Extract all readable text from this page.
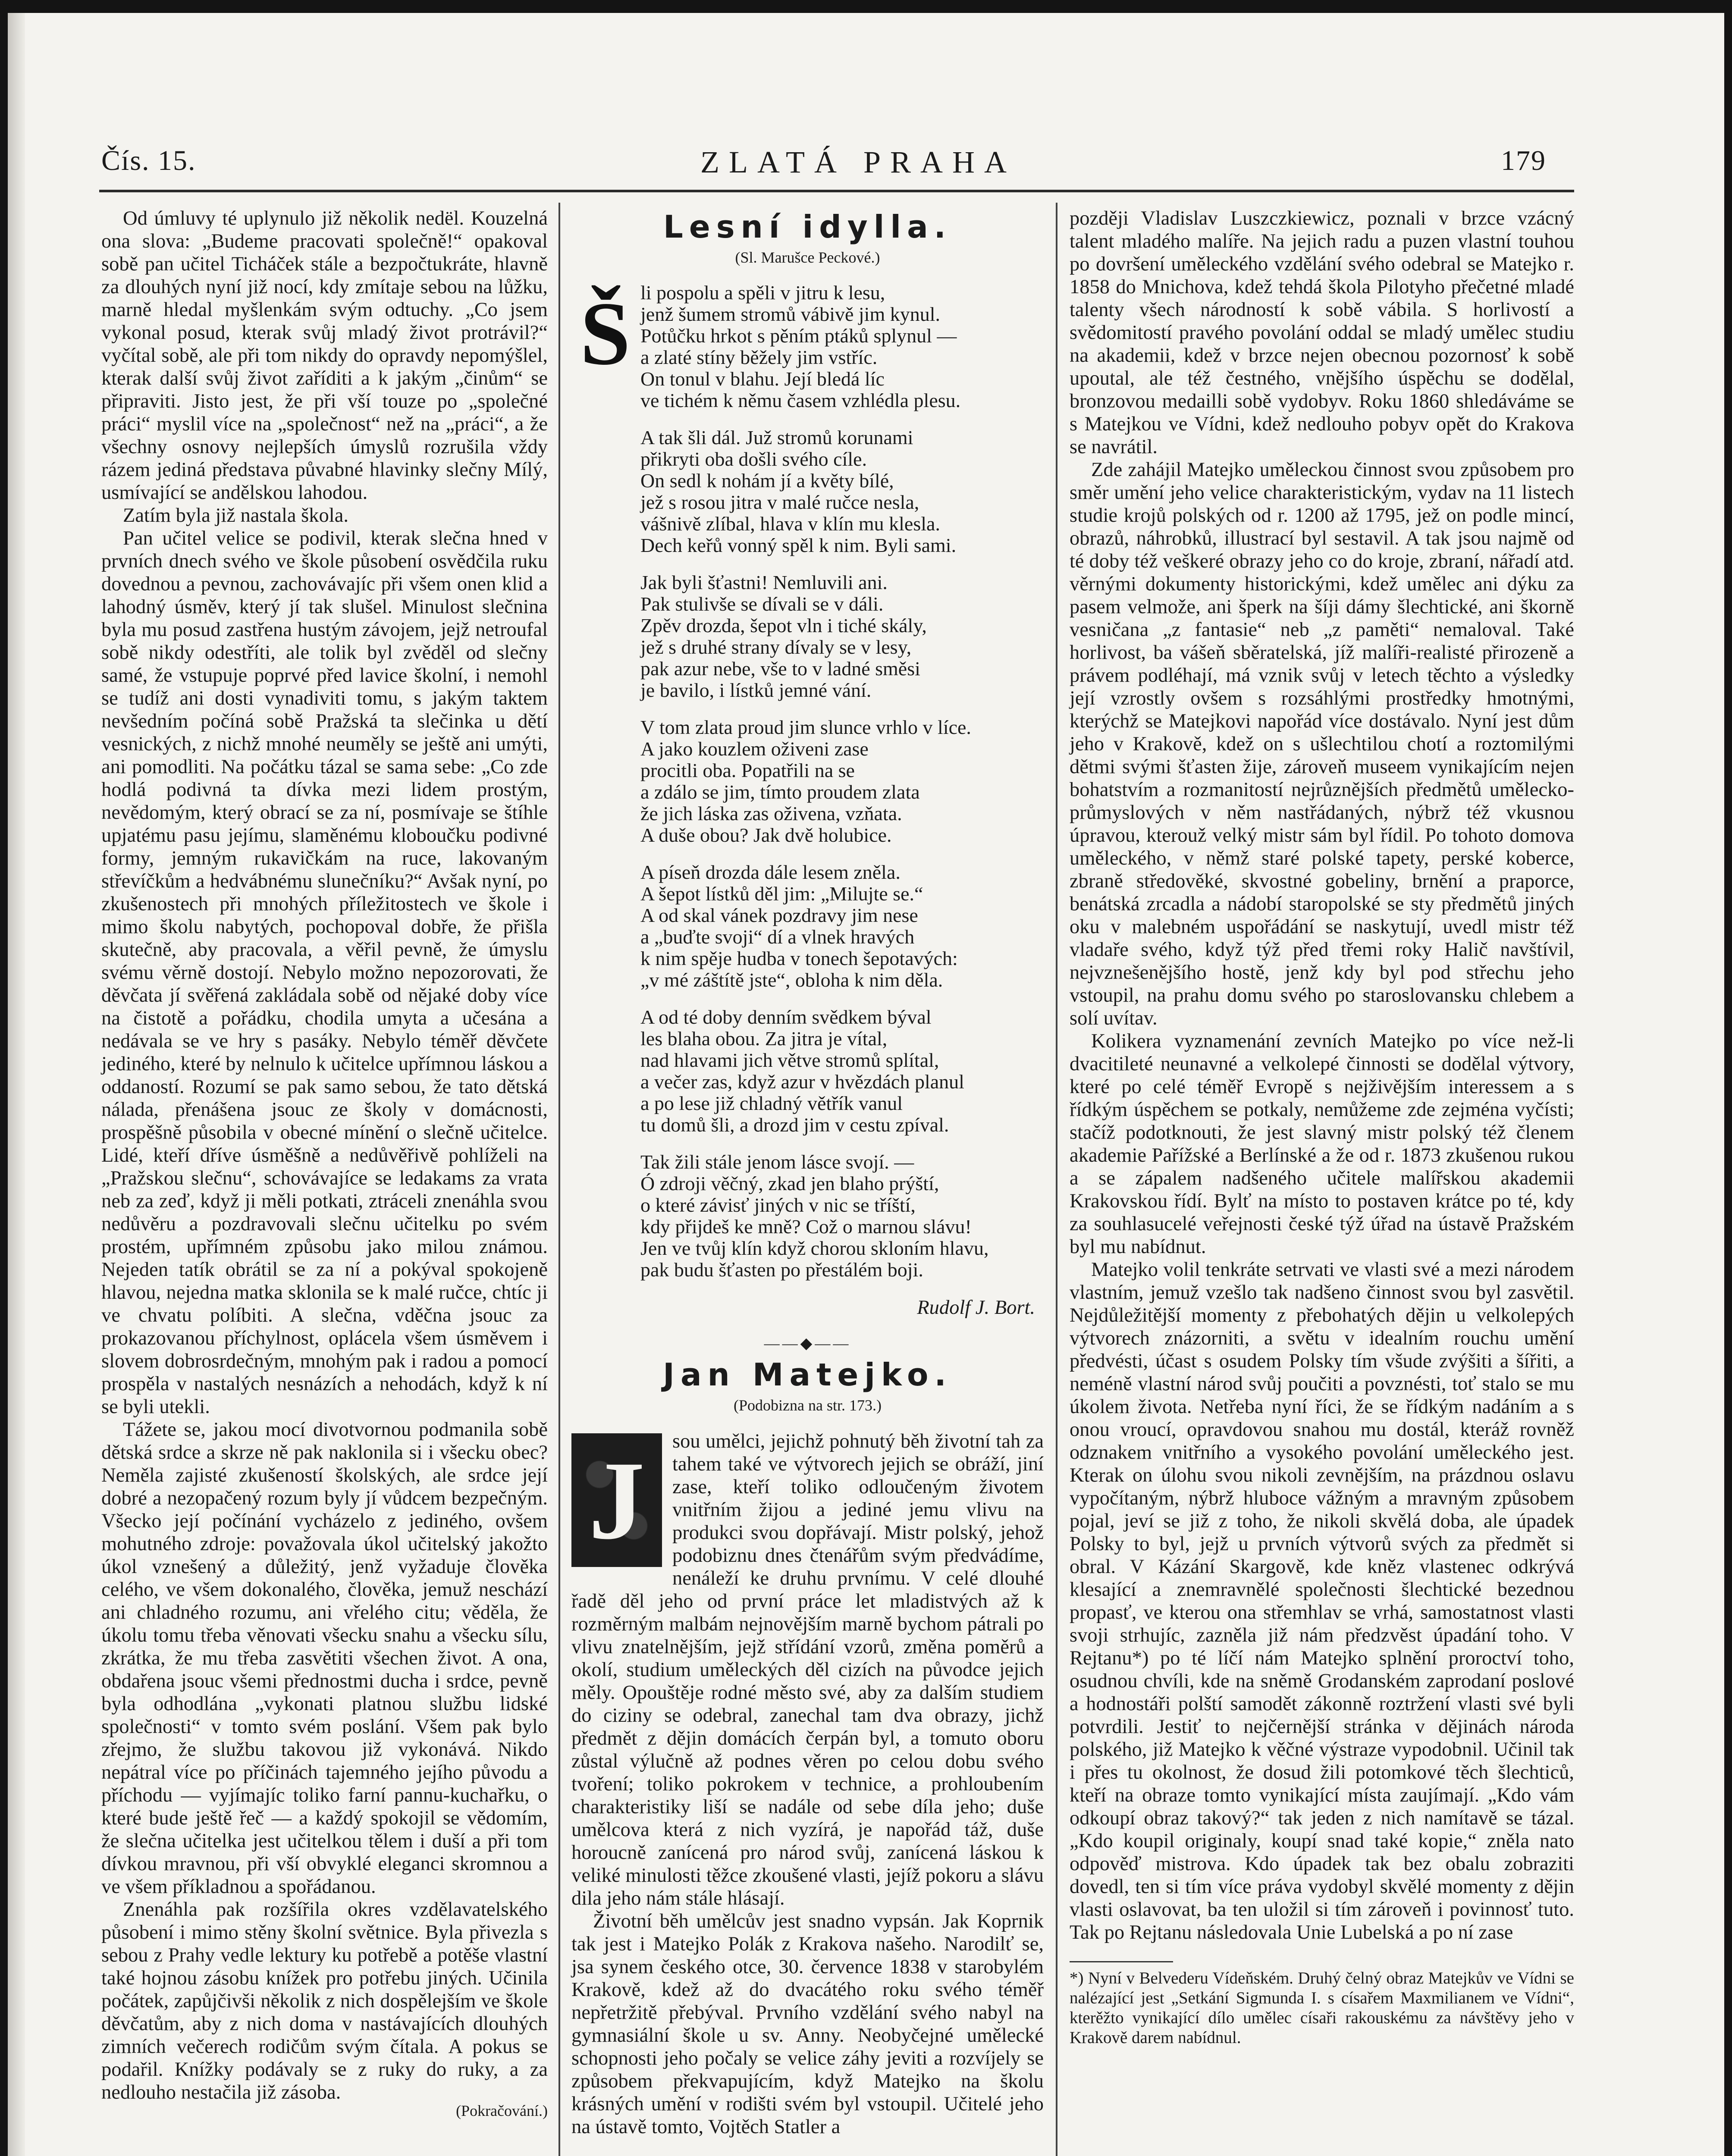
Čís. 15.	ZLATÁ PRAHA	179

Od úmluvy té uplynulo již několik nedël. Kouzelná ona slova: „Budeme pracovati společně!“ opakoval sobě pan učitel Ticháček stále a bezpočtukráte, hlavně za dlouhých nyní již nocí, kdy zmítaje sebou na lůžku, marně hledal myšlenkám svým odtuchy. „Co jsem vykonal posud, kterak svůj mladý život protrávil?“ vyčítal sobě, ale při tom nikdy do opravdy nepomýšlel, kterak další svůj život zaříditi a k jakým „činům“ se připraviti. Jisto jest, že při vší touze po „společné práci“ myslil více na „společnost“ než na „práci“, a že všechny osnovy nejlepších úmyslů rozrušila vždy rázem jediná představa půvabné hlavinky slečny Mílý, usmívající se andělskou lahodou.

Zatím byla již nastala škola.

Pan učitel velice se podivil, kterak slečna hned v prvních dnech svého ve škole působení osvědčila ruku dovednou a pevnou, zachovávajíc při všem onen klid a lahodný úsměv, který jí tak slušel. Minulost slečnina byla mu posud zastřena hustým závojem, jejž netroufal sobě nikdy odestříti, ale tolik byl zvěděl od slečny samé, že vstupuje poprvé před lavice školní, i nemohl se tudíž ani dosti vynadiviti tomu, s jakým taktem nevšedním počíná sobě Pražská ta slečinka u dětí vesnických, z nichž mnohé neuměly se ještě ani umýti, ani pomodliti. Na počátku tázal se sama sebe: „Co zde hodlá podivná ta dívka mezi lidem prostým, nevědomým, který obrací se za ní, posmívaje se štíhle upjatému pasu jejímu, slaměnému kloboučku podivné formy, jemným rukavičkám na ruce, lakovaným střevíčkům a hedvábnému slunečníku?“ Avšak nyní, po zkušenostech při mnohých příležitostech ve škole i mimo školu nabytých, pochopoval dobře, že přišla skutečně, aby pracovala, a věřil pevně, že úmyslu svému věrně dostojí. Nebylo možno nepozorovati, že děvčata jí svěřená zakládala sobě od nějaké doby více na čistotě a pořádku, chodila umyta a učesána a nedávala se ve hry s pasáky. Nebylo téměř děvčete jediného, které by nelnulo k učitelce upřímnou láskou a oddaností. Rozumí se pak samo sebou, že tato dětská nálada, přenášena jsouc ze školy v domácnosti, prospěšně působila v obecné mínění o slečně učitelce. Lidé, kteří dříve úsměšně a nedůvěřivě pohlíželi na „Pražskou slečnu“, schovávajíce se ledakams za vrata neb za zeď, když ji měli potkati, ztráceli znenáhla svou nedůvěru a pozdravovali slečnu učitelku po svém prostém, upřímném způsobu jako milou známou. Nejeden tatík obrátil se za ní a pokýval spokojeně hlavou, nejedna matka sklonila se k malé ručce, chtíc ji ve chvatu políbiti. A slečna, vděčna jsouc za prokazovanou příchylnost, oplácela všem úsměvem i slovem dobrosrdečným, mnohým pak i radou a pomocí prospěla v nastalých nesnázích a nehodách, když k ní se byli utekli.

Tážete se, jakou mocí divotvornou podmanila sobě dětská srdce a skrze ně pak naklonila si i všecku obec? Neměla zajisté zkušeností školských, ale srdce její dobré a nezopačený rozum byly jí vůdcem bezpečným. Všecko její počínání vycházelo z jediného, ovšem mohutného zdroje: považovala úkol učitelský jakožto úkol vznešený a důležitý, jenž vyžaduje člověka celého, ve všem dokonalého, člověka, jemuž neschází ani chladného rozumu, ani vřelého citu; věděla, že úkolu tomu třeba věnovati všecku snahu a všecku sílu, zkrátka, že mu třeba zasvětiti všechen život. A ona, obdařena jsouc všemi přednostmi ducha i srdce, pevně byla odhodlána „vykonati platnou službu lidské společnosti“ v tomto svém poslání. Všem pak bylo zřejmo, že službu takovou již vykonává. Nikdo nepátral více po příčinách tajemného jejího původu a příchodu — vyjímajíc toliko farní pannu-kuchařku, o které bude ještě řeč — a každý spokojil se vědomím, že slečna učitelka jest učitelkou tělem i duší a při tom dívkou mravnou, při vší obvyklé eleganci skromnou a ve všem příkladnou a spořádanou.

Znenáhla pak rozšířila okres vzdělavatelského působení i mimo stěny školní světnice. Byla přivezla s sebou z Prahy vedle lektury ku potřebě a potěše vlastní také hojnou zásobu knížek pro potřebu jiných. Učinila počátek, zapůjčivši několik z nich dospělejším ve škole děvčatům, aby z nich doma v nastávajících dlouhých zimních večerech rodičům svým čítala. A pokus se podařil. Knížky podávaly se z ruky do ruky, a za nedlouho nestačila již zásoba.

(Pokračování.)
Lesní idylla.
(Sl. Marušce Peckové.)
Š li pospolu a spěli v jitru k lesu,
jenž šumem stromů vábivě jim kynul.
Potůčku hrkot s pěním ptáků splynul —
a zlaté stíny běžely jim vstříc.
On tonul v blahu. Její bledá líc
ve tichém k němu časem vzhlédla plesu.
A tak šli dál. Juž stromů korunami
přikryti oba došli svého cíle.
On sedl k nohám jí a květy bílé,
jež s rosou jitra v malé ručce nesla,
vášnivě zlíbal, hlava v klín mu klesla.
Dech keřů vonný spěl k nim. Byli sami.
Jak byli šťastni! Nemluvili ani.
Pak stulivše se dívali se v dáli.
Zpěv drozda, šepot vln i tiché skály,
jež s druhé strany dívaly se v lesy,
pak azur nebe, vše to v ladné směsi
je bavilo, i lístků jemné vání.
V tom zlata proud jim slunce vrhlo v líce.
A jako kouzlem oživeni zase
procitli oba. Popatřili na se
a zdálo se jim, tímto proudem zlata
že jich láska zas oživena, vzňata.
A duše obou? Jak dvě holubice.
A píseň drozda dále lesem zněla.
A šepot lístků děl jim: „Milujte se.“
A od skal vánek pozdravy jim nese
a „buďte svoji“ dí a vlnek hravých
k nim spěje hudba v tonech šepotavých:
„v mé záštítě jste“, obloha k nim děla.
A od té doby denním svědkem býval
les blaha obou. Za jitra je vítal,
nad hlavami jich větve stromů splítal,
a večer zas, když azur v hvězdách planul
a po lese již chladný větřík vanul
tu domů šli, a drozd jim v cestu zpíval.
Tak žili stále jenom lásce svojí. —
Ó zdroji věčný, zkad jen blaho prýští,
o které závisť jiných v nic se tříští,
kdy přijdeš ke mně? Což o marnou slávu!
Jen ve tvůj klín když chorou skloním hlavu,
pak budu šťasten po přestálém boji.
Rudolf J. Bort.
——◆——
Jan Matejko.
(Podobizna na str. 173.)
J	sou umělci, jejichž pohnutý běh životní tah za tahem také ve výtvorech jejich se obráží, jiní zase, kteří toliko odloučeným životem vnitřním žijou a jediné jemu vlivu na produkci svou dopřávají. Mistr polský, jehož podobiznu dnes čtenářům svým předvádíme, nenáleží ke druhu prvnímu. V celé dlouhé řadě děl jeho od první práce let mladistvých až k rozměrným malbám nejnovějším marně bychom pátrali po vlivu znatelnějším, jejž střídání vzorů, změna poměrů a okolí, studium uměleckých děl cizích na původce jejich měly. Opouštěje rodné město své, aby za dalším studiem do ciziny se odebral, zanechal tam dva obrazy, jichž předmět z dějin domácích čerpán byl, a tomuto oboru zůstal výlučně až podnes věren po celou dobu svého tvoření; toliko pokrokem v technice, a prohloubením charakteristiky liší se nadále od sebe díla jeho; duše umělcova která z nich vyzírá, je napořád táž, duše horoucně zanícená pro národ svůj, zanícená láskou k veliké minulosti těžce zkoušené vlasti, jejíž pokoru a slávu dila jeho nám stále hlásají.

Životní běh umělcův jest snadno vypsán. Jak Koprnik tak jest i Matejko Polák z Krakova našeho. Narodilť se, jsa synem českého otce, 30. července 1838 v starobylém Krakově, kdež až do dvacátého roku svého téměř nepřetržitě přebýval. Prvního vzdělání svého nabyl na gymnasiální škole u sv. Anny. Neobyčejné umělecké schopnosti jeho počaly se velice záhy jeviti a rozvíjely se způsobem překvapujícím, když Matejko na školu krásných umění v rodišti svém byl vstoupil. Učitelé jeho na ústavě tomto, Vojtěch Statler a

později Vladislav Luszczkiewicz, poznali v brzce vzácný talent mladého malíře. Na jejich radu a puzen vlastní touhou po dovršení uměleckého vzdělání svého odebral se Matejko r. 1858 do Mnichova, kdež tehdá škola Pilotyho přečetné mladé talenty všech národností k sobě vábila. S horlivostí a svědomitostí pravého povolání oddal se mladý umělec studiu na akademii, kdež v brzce nejen obecnou pozornosť k sobě upoutal, ale též čestného, vnějšího úspěchu se dodělal, bronzovou medailli sobě vydobyv. Roku 1860 shledáváme se s Matejkou ve Vídni, kdež nedlouho pobyv opět do Krakova se navrátil.

Zde zahájil Matejko uměleckou činnost svou způsobem pro směr umění jeho velice charakteristickým, vydav na 11 listech studie krojů polských od r. 1200 až 1795, jež on podle mincí, obrazů, náhrobků, illustrací byl sestavil. A tak jsou najmě od té doby též veškeré obrazy jeho co do kroje, zbraní, nářadí atd. věrnými dokumenty historickými, kdež umělec ani dýku za pasem velmože, ani šperk na šíji dámy šlechtické, ani škorně vesničana „z fantasie“ neb „z paměti“ nemaloval. Také horlivost, ba vášeň sběratelská, jíž malíři-realisté přirozeně a právem podléhají, má vznik svůj v letech těchto a výsledky její vzrostly ovšem s rozsáhlými prostředky hmotnými, kterýchž se Matejkovi napořád více dostávalo. Nyní jest dům jeho v Krakově, kdež on s ušlechtilou chotí a roztomilými dětmi svými šťasten žije, zároveň museem vynikajícím nejen bohatstvím a rozmanitostí nejrůznějších předmětů umělecko-průmyslových v něm nastřádaných, nýbrž též vkusnou úpravou, kterouž velký mistr sám byl řídil. Po tohoto domova uměleckého, v němž staré polské tapety, perské koberce, zbraně středověké, skvostné gobeliny, brnění a praporce, benátská zrcadla a nádobí staropolské se sty předmětů jiných oku v malebném uspořádání se naskytují, uvedl mistr též vladaře svého, když týž před třemi roky Halič navštívil, nejvznešenějšího hostě, jenž kdy byl pod střechu jeho vstoupil, na prahu domu svého po staroslovansku chlebem a solí uvítav.

Kolikera vyznamenání zevních Matejko po více než-li dvacitileté neunavné a velkolepé činnosti se dodělal výtvory, které po celé téměř Evropě s nejživějším interessem a s řídkým úspěchem se potkaly, nemůžeme zde zejména vyčísti; stačíž podotknouti, že jest slavný mistr polský též členem akademie Pařížské a Berlínské a že od r. 1873 zkušenou rukou a se zápalem nadšeného učitele malířskou akademii Krakovskou řídí. Bylť na místo to postaven krátce po té, kdy za souhlasucelé veřejnosti české týž úřad na ústavě Pražském byl mu nabídnut.

Matejko volil tenkráte setrvati ve vlasti své a mezi národem vlastním, jemuž vzešlo tak nadšeno činnost svou byl zasvětil. Nejdůležitější momenty z přebohatých dějin u velkolepých výtvorech znázorniti, a světu v idealním rouchu umění předvésti, účast s osudem Polsky tím všude zvýšiti a šířiti, a neméně vlastní národ svůj poučiti a povznésti, toť stalo se mu úkolem života. Netřeba nyní říci, že se řídkým nadáním a s onou vroucí, opravdovou snahou mu dostál, kteráž rovněž odznakem vnitřního a vysokého povolání uměleckého jest. Kterak on úlohu svou nikoli zevnějším, na prázdnou oslavu vypočítaným, nýbrž hluboce vážným a mravným způsobem pojal, jeví se již z toho, že nikoli skvělá doba, ale úpadek Polsky to byl, jejž u prvních výtvorů svých za předmět si obral. V Kázání Skargově, kde kněz vlastenec odkrývá klesající a znemravnělé společnosti šlechtické bezednou propasť, ve kterou ona střemhlav se vrhá, samostatnost vlasti svoji strhujíc, zazněla již nám předzvěst úpadání toho. V Rejtanu*) po té líčí nám Matejko splnění proroctví toho, osudnou chvíli, kde na sněmě Grodanském zaprodaní poslové a hodnostáři polští samodět zákonně roztržení vlasti své byli potvrdili. Jestiť to nejčernější stránka v dějinách národa polského, již Matejko k věčné výstraze vypodobnil. Učinil tak i přes tu okolnost, že dosud žili potomkové těch šlechticů, kteří na obraze tomto vynikající místa zaujímají. „Kdo vám odkoupí obraz takový?“ tak jeden z nich namítavě se tázal. „Kdo koupil originaly, koupí snad také kopie,“ zněla nato odpověď mistrova. Kdo úpadek tak bez obalu zobraziti dovedl, ten si tím více práva vydobyl skvělé momenty z dějin vlasti oslavovat, ba ten uložil si tím zároveň i povinnosť tuto. Tak po Rejtanu následovala Unie Lubelská a po ní zase

*) Nyní v Belvederu Vídeňském. Druhý čelný obraz Matejkův ve Vídni se nalézající jest „Setkání Sigmunda I. s císařem Maxmilianem ve Vídni“, kterěžto vynikající dílo umělec císaři rakouskému za návštěvy jeho v Krakově darem nabídnul.
